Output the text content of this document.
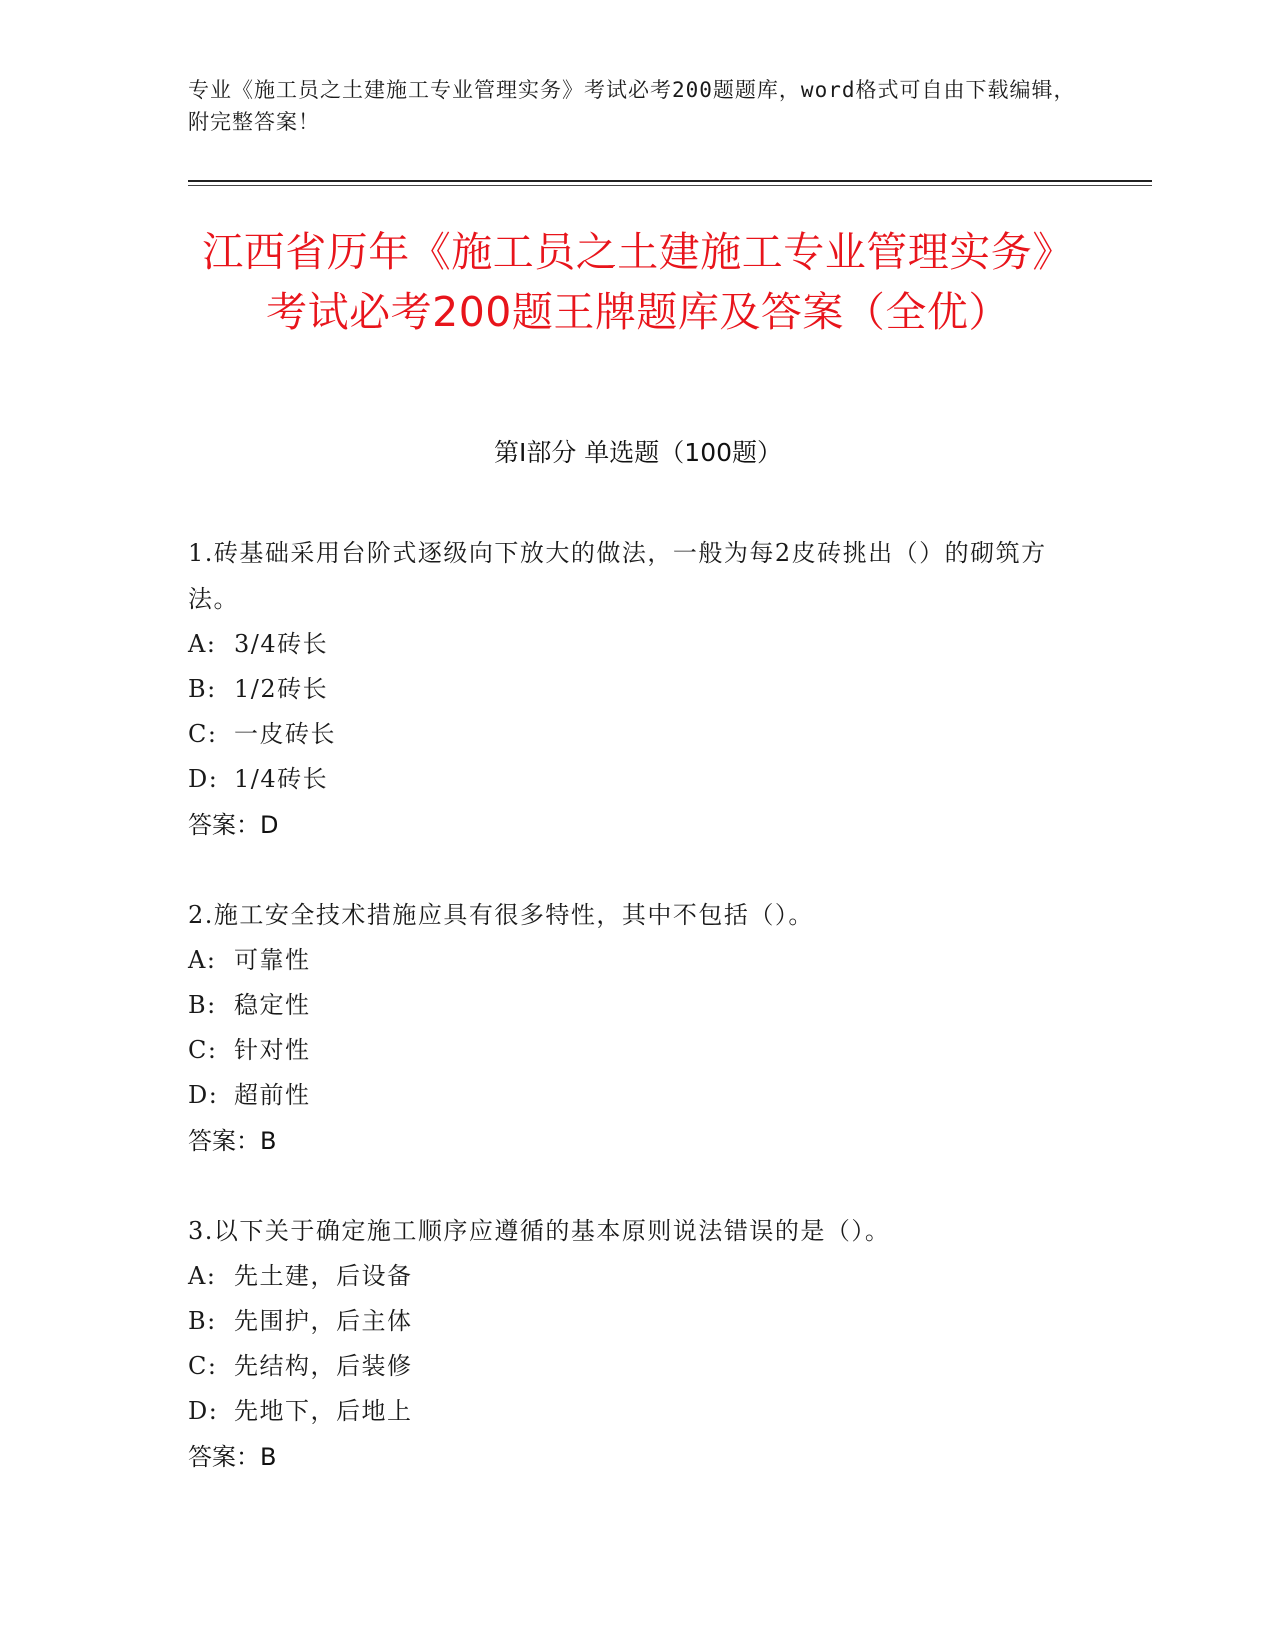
专业《施工员之土建施工专业管理实务》考试必考200题题库，word格式可自由下载编辑，附完整答案！
江西省历年《施工员之土建施工专业管理实务》考试必考200题王牌题库及答案（全优）
第I部分 单选题（100题）

1.砖基础采用台阶式逐级向下放大的做法，一般为每2皮砖挑出（）的砌筑方法。

A: 3/4砖长
B: 1/2砖长
C: 一皮砖长
D: 1/4砖长
答案：D

2.施工安全技术措施应具有很多特性，其中不包括（）。

A: 可靠性
B: 稳定性
C: 针对性
D: 超前性
答案：B

3.以下关于确定施工顺序应遵循的基本原则说法错误的是（）。

A: 先土建，后设备
B: 先围护，后主体
C: 先结构，后装修
D: 先地下，后地上
答案：B
